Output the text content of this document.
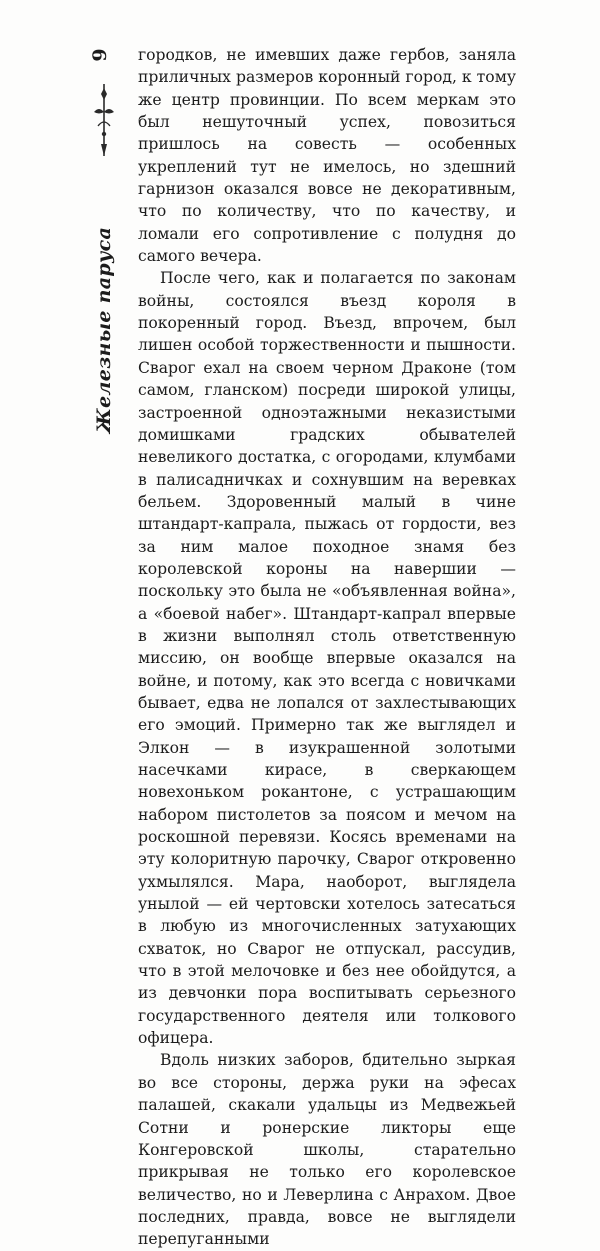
6
Железные паруса

городков, не имевших даже гербов, заняла приличных размеров коронный город, к тому же центр провинции. По всем меркам это был нешуточный успех, повозиться пришлось на совесть — особенных укреплений тут не имелось, но здешний гарнизон оказался вовсе не декоративным, что по количеству, что по качеству, и ломали его сопротивление с полудня до самого вечера.

После чего, как и полагается по законам войны, состоялся въезд короля в покоренный город. Въезд, впрочем, был лишен особой торжественности и пышности. Сварог ехал на своем черном Драконе (том самом, гланском) посреди широкой улицы, застроенной одноэтажными неказистыми домишками градских обывателей невеликого достатка, с огородами, клумбами в палисадничках и сохнувшим на веревках бельем. Здоровенный малый в чине штандарт-капрала, пыжась от гордости, вез за ним малое походное знамя без королевской короны на навершии — поскольку это была не «объявленная война», а «боевой набег». Штандарт-капрал впервые в жизни выполнял столь ответственную миссию, он вообще впервые оказался на войне, и потому, как это всегда с новичками бывает, едва не лопался от захлестывающих его эмоций. Примерно так же выглядел и Элкон — в изукрашенной золотыми насечками кирасе, в сверкающем новехоньком рокантоне, с устрашающим набором пистолетов за поясом и мечом на роскошной перевязи. Косясь временами на эту колоритную парочку, Сварог откровенно ухмылялся. Мара, наоборот, выглядела унылой — ей чертовски хотелось затесаться в любую из многочисленных затухающих схваток, но Сварог не отпускал, рассудив, что в этой мелочовке и без нее обойдутся, а из девчонки пора воспитывать серьезного государственного деятеля или толкового офицера.

Вдоль низких заборов, бдительно зыркая во все стороны, держа руки на эфесах палашей, скакали удальцы из Медвежьей Сотни и ронерские ликторы еще Конгеровской школы, старательно прикрывая не только его королевское величество, но и Леверлина с Анрахом. Двое последних, правда, вовсе не выглядели перепуганными
